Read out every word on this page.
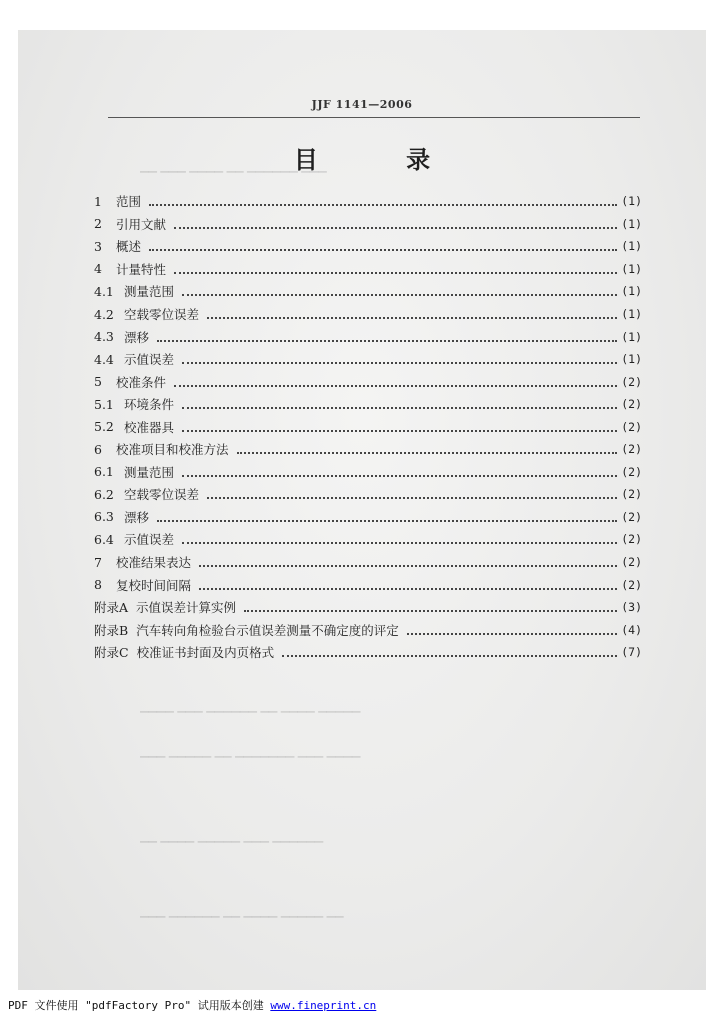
▁▁ ▁▁▁ ▁▁▁▁ ▁▁ ▁▁▁▁▁▁ ▁▁▁
▁▁▁▁ ▁▁▁ ▁▁▁▁▁▁ ▁▁ ▁▁▁▁ ▁▁▁▁▁
▁▁▁ ▁▁▁▁▁ ▁▁ ▁▁▁▁▁▁▁ ▁▁▁ ▁▁▁▁
▁▁ ▁▁▁▁ ▁▁▁▁▁ ▁▁▁ ▁▁▁▁▁▁
▁▁▁ ▁▁▁▁▁▁ ▁▁ ▁▁▁▁ ▁▁▁▁▁ ▁▁
JJF 1141—2006
目 录
1	范围	(1)
2	引用文献	(1)
3	概述	(1)
4	计量特性	(1)
4.1 测量范围	(1)
4.2 空载零位误差	(1)
4.3 漂移	(1)
4.4 示值误差	(1)
5	校准条件	(2)
5.1 环境条件	(2)
5.2 校准器具	(2)
6	校准项目和校准方法	(2)
6.1 测量范围	(2)
6.2 空载零位误差	(2)
6.3 漂移	(2)
6.4 示值误差	(2)
7	校准结果表达	(2)
8	复校时间间隔	(2)
附录A 示值误差计算实例	(3)
附录B 汽车转向角检验台示值误差测量不确定度的评定	(4)
附录C 校准证书封面及内页格式	(7)
PDF 文件使用 "pdfFactory Pro" 试用版本创建 www.fineprint.cn
